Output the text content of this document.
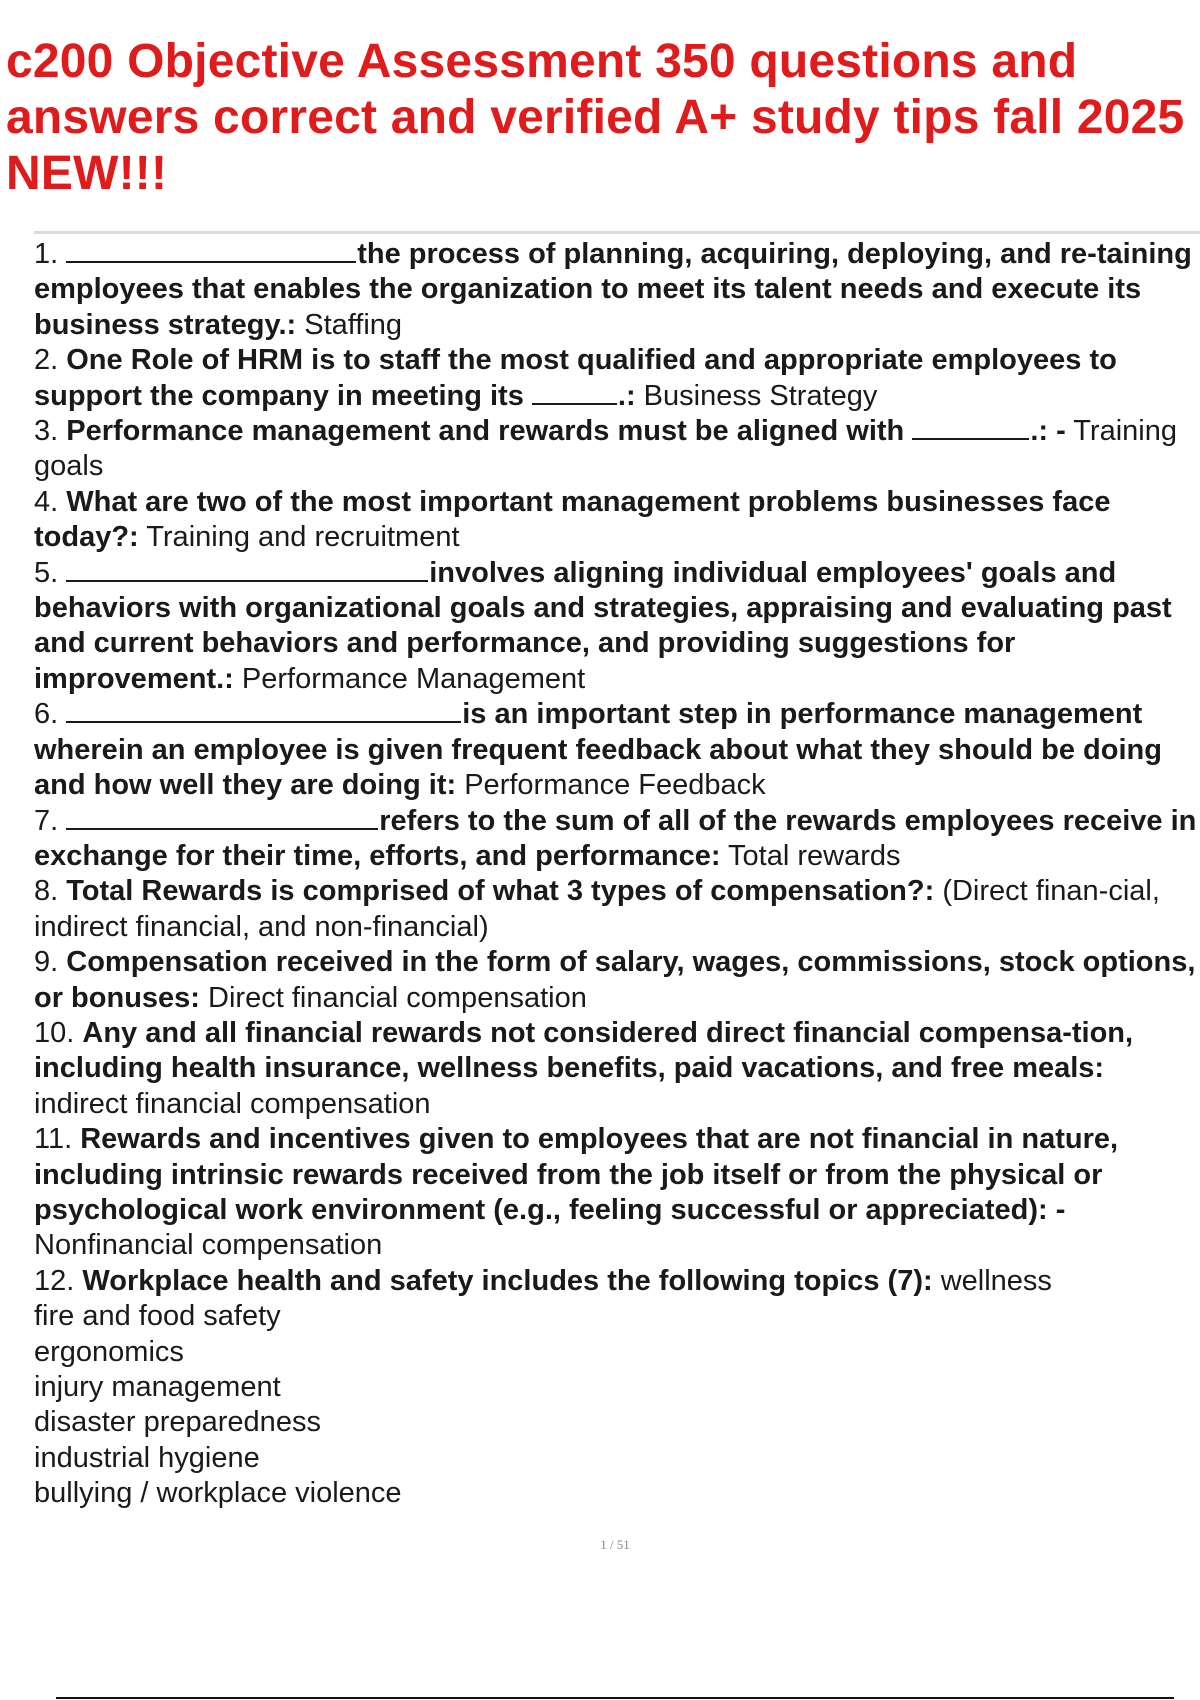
c200 Objective Assessment 350 questions and answers correct and verified A+ study tips fall 2025 NEW!!!

1.	the process of planning, acquiring, deploying, and re-taining employees that enables the organization to meet its talent needs and execute its business strategy.: Staffing

2. One Role of HRM is to staff the most qualified and appropriate employees to support the company in meeting its	.: Business Strategy

3. Performance management and rewards must be aligned with	.: - Training goals

4. What are two of the most important management problems businesses face today?: Training and recruitment

5.	involves aligning individual employees' goals and behaviors with organizational goals and strategies, appraising and evaluating past and current behaviors and performance, and providing suggestions for improvement.: Performance Management

6.	is an important step in performance management wherein an employee is given frequent feedback about what they should be doing and how well they are doing it: Performance Feedback

7.	refers to the sum of all of the rewards employees receive in exchange for their time, efforts, and performance: Total rewards

8. Total Rewards is comprised of what 3 types of compensation?: (Direct finan-cial, indirect financial, and non-financial)

9. Compensation received in the form of salary, wages, commissions, stock options, or bonuses: Direct financial compensation

10. Any and all financial rewards not considered direct financial compensa-tion, including health insurance, wellness benefits, paid vacations, and free meals: indirect financial compensation

11. Rewards and incentives given to employees that are not financial in nature, including intrinsic rewards received from the job itself or from the physical or psychological work environment (e.g., feeling successful or appreciated): - Nonfinancial compensation

12. Workplace health and safety includes the following topics (7): wellness

fire and food safety
ergonomics
injury management
disaster preparedness
industrial hygiene
bullying / workplace violence
1 / 51
